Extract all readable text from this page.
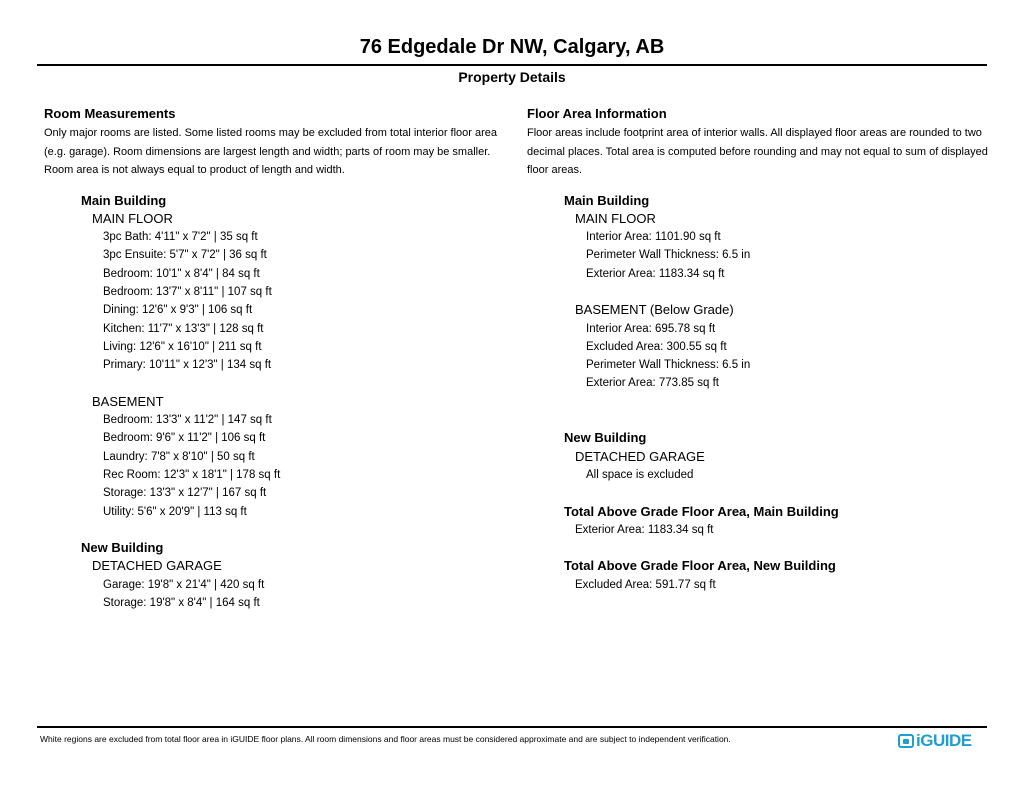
76 Edgedale Dr NW, Calgary, AB
Property Details
Room Measurements
Only major rooms are listed. Some listed rooms may be excluded from total interior floor area
(e.g. garage). Room dimensions are largest length and width; parts of room may be smaller.
Room area is not always equal to product of length and width.
Main Building
MAIN FLOOR
3pc Bath: 4'11" x 7'2" | 35 sq ft
3pc Ensuite: 5'7" x 7'2" | 36 sq ft
Bedroom: 10'1" x 8'4" | 84 sq ft
Bedroom: 13'7" x 8'11" | 107 sq ft
Dining: 12'6" x 9'3" | 106 sq ft
Kitchen: 11'7" x 13'3" | 128 sq ft
Living: 12'6" x 16'10" | 211 sq ft
Primary: 10'11" x 12'3" | 134 sq ft
BASEMENT
Bedroom: 13'3" x 11'2" | 147 sq ft
Bedroom: 9'6" x 11'2" | 106 sq ft
Laundry: 7'8" x 8'10" | 50 sq ft
Rec Room: 12'3" x 18'1" | 178 sq ft
Storage: 13'3" x 12'7" | 167 sq ft
Utility: 5'6" x 20'9" | 113 sq ft
New Building
DETACHED GARAGE
Garage: 19'8" x 21'4" | 420 sq ft
Storage: 19'8" x 8'4" | 164 sq ft
Floor Area Information
Floor areas include footprint area of interior walls. All displayed floor areas are rounded to two
decimal places. Total area is computed before rounding and may not equal to sum of displayed
floor areas.
Main Building
MAIN FLOOR
Interior Area: 1101.90 sq ft
Perimeter Wall Thickness: 6.5 in
Exterior Area: 1183.34 sq ft
BASEMENT (Below Grade)
Interior Area: 695.78 sq ft
Excluded Area: 300.55 sq ft
Perimeter Wall Thickness: 6.5 in
Exterior Area: 773.85 sq ft
New Building
DETACHED GARAGE
All space is excluded
Total Above Grade Floor Area, Main Building
Exterior Area: 1183.34 sq ft
Total Above Grade Floor Area, New Building
Excluded Area: 591.77 sq ft
White regions are excluded from total floor area in iGUIDE floor plans. All room dimensions and floor areas must be considered approximate and are subject to independent verification.	iGUIDE
